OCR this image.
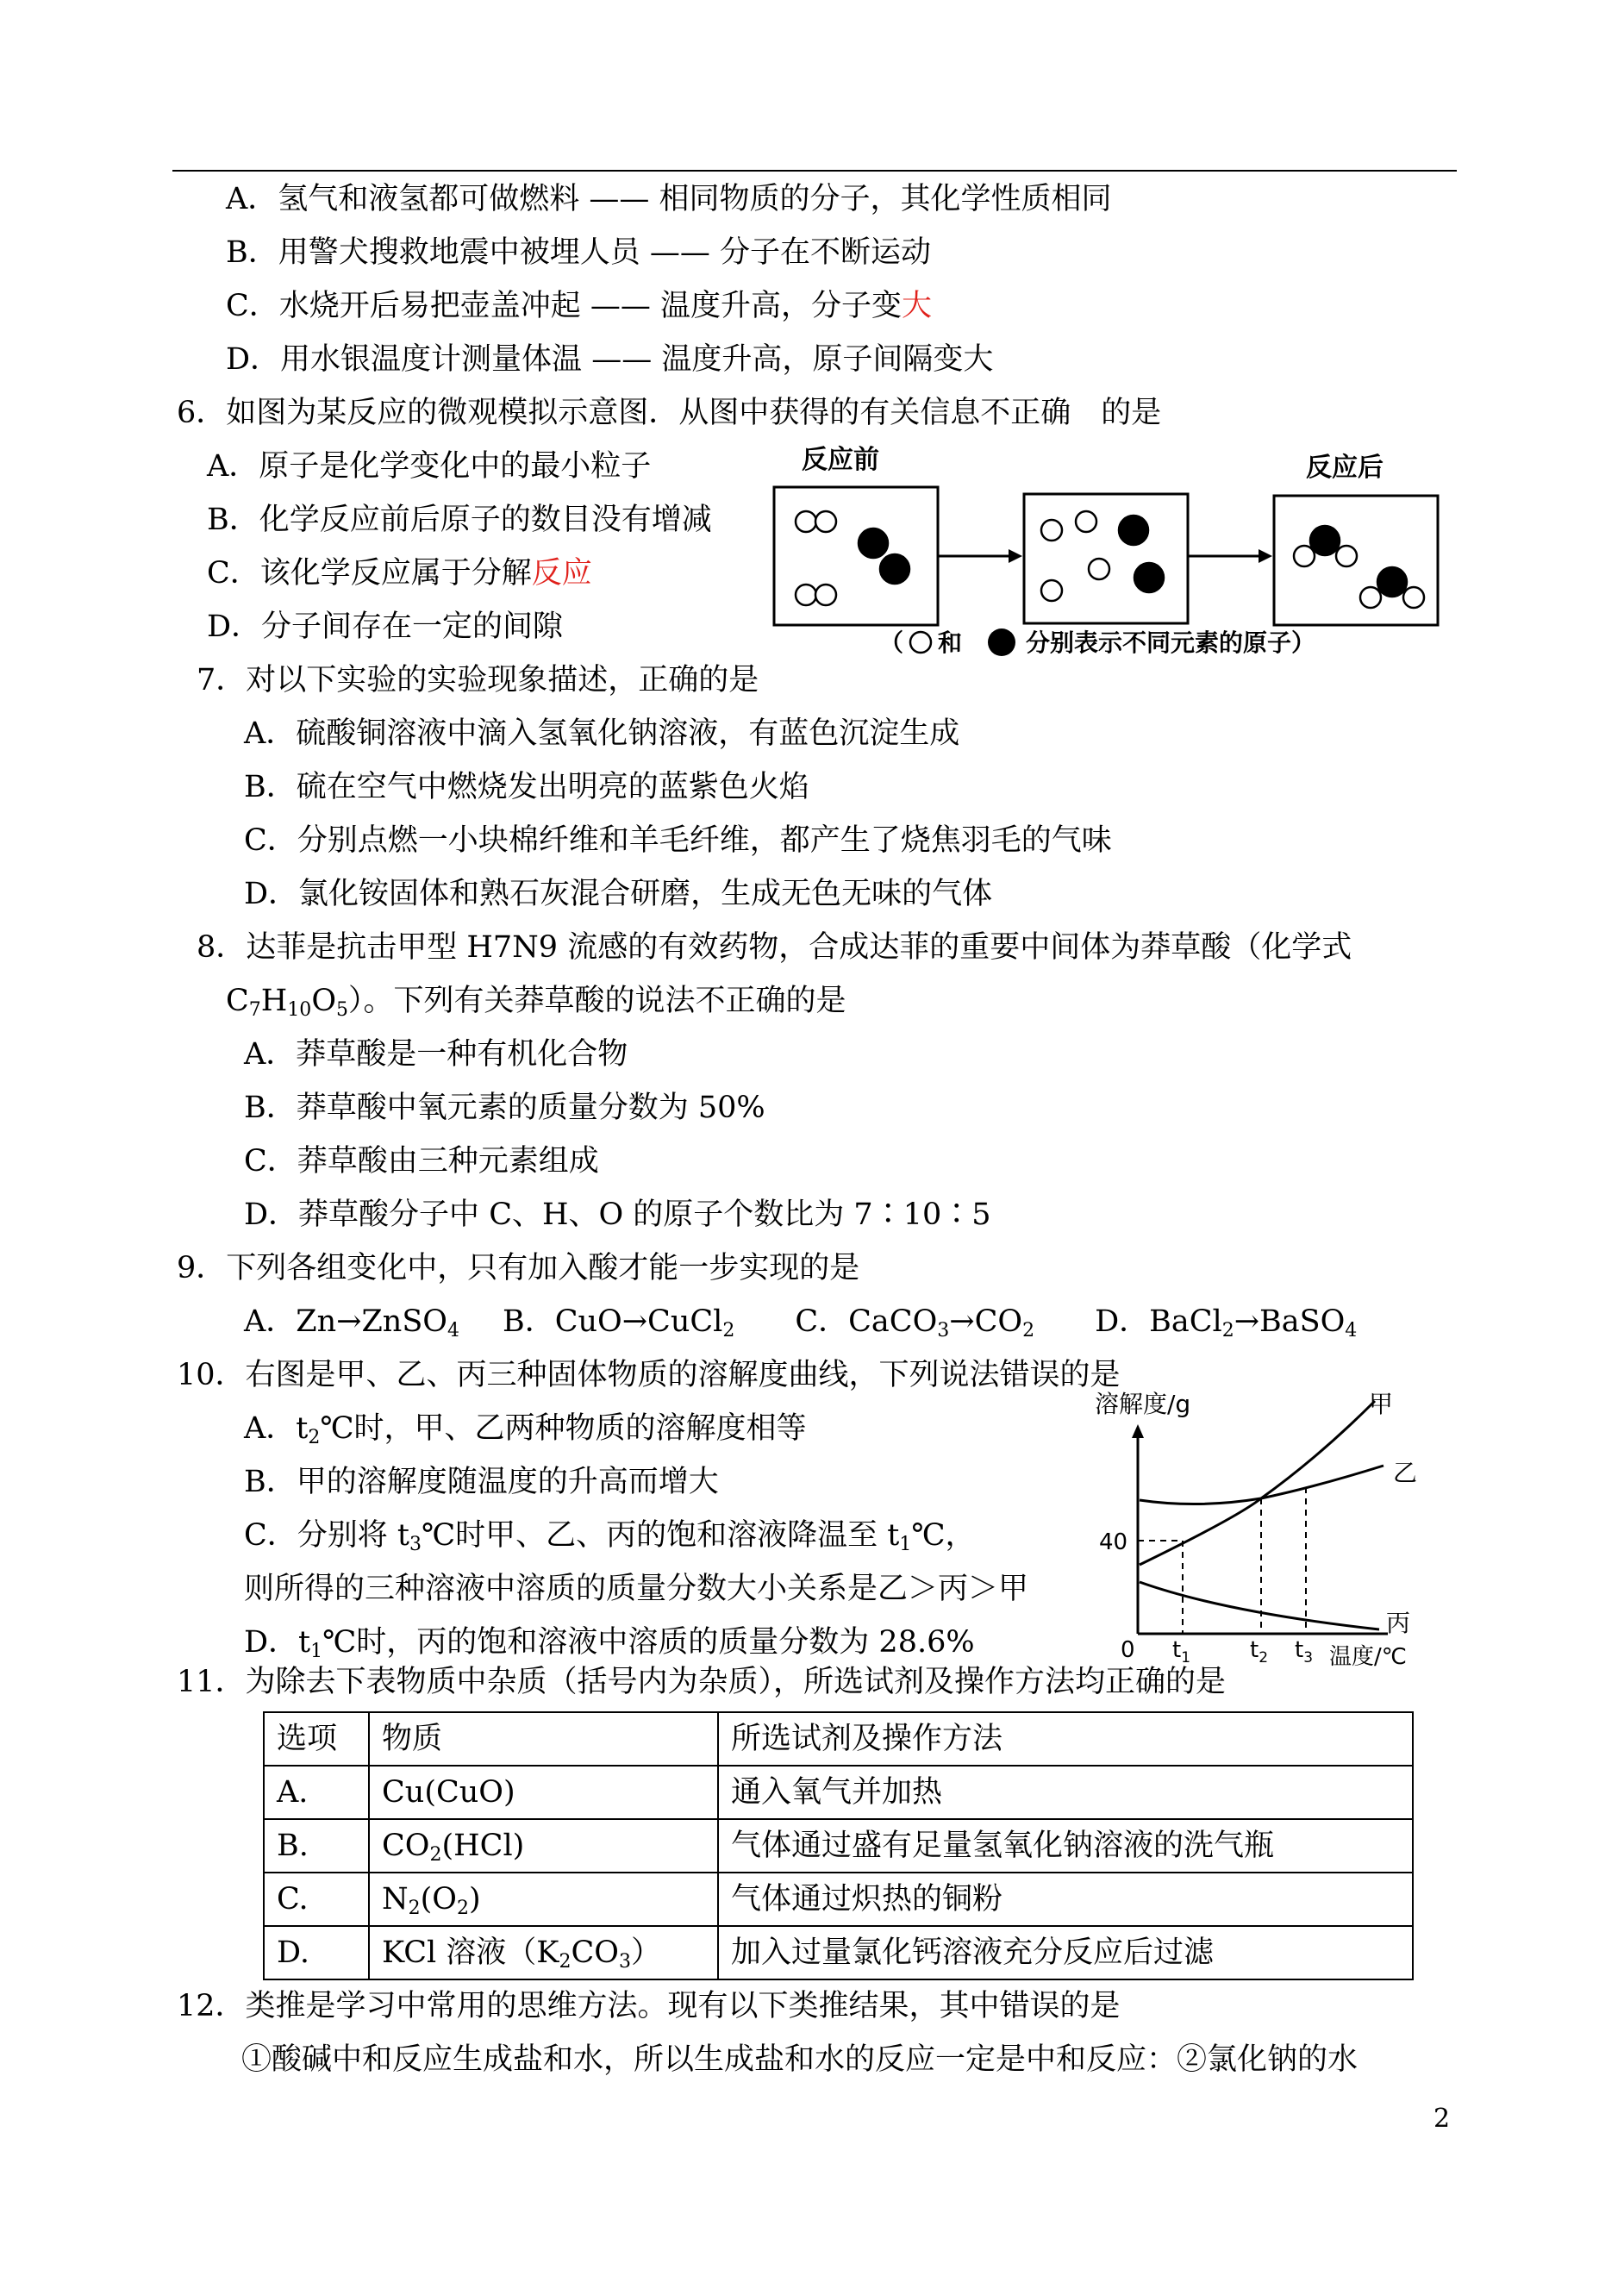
A．氢气和液氢都可做燃料 —— 相同物质的分子，其化学性质相同
B．用警犬搜救地震中被埋人员 —— 分子在不断运动
C．水烧开后易把壶盖冲起 —— 温度升高，分子变大
D．用水银温度计测量体温 —— 温度升高，原子间隔变大
6．如图为某反应的微观模拟示意图．从图中获得的有关信息不正确　的是
A．原子是化学变化中的最小粒子
B．化学反应前后原子的数目没有增减
C．该化学反应属于分解反应
D．分子间存在一定的间隙
反应前	反应后
（ 和	分别表示不同元素的原子）
7．对以下实验的实验现象描述，正确的是
A．硫酸铜溶液中滴入氢氧化钠溶液，有蓝色沉淀生成
B．硫在空气中燃烧发出明亮的蓝紫色火焰
C．分别点燃一小块棉纤维和羊毛纤维，都产生了烧焦羽毛的气味
D．氯化铵固体和熟石灰混合研磨，生成无色无味的气体
8．达菲是抗击甲型 H7N9 流感的有效药物，合成达菲的重要中间体为莽草酸（化学式
$C_7H_{10}O_5$）。下列有关莽草酸的说法不正确的是
A．莽草酸是一种有机化合物
B．莽草酸中氧元素的质量分数为 50%
C．莽草酸由三种元素组成
D．莽草酸分子中 C、H、O 的原子个数比为 7∶10∶5
9．下列各组变化中，只有加入酸才能一步实现的是
A．Zn→ZnSO$_4$ B．CuO→CuCl$_2$ C．$CaCO_3\to CO_2$ D．BaCl$_2$→BaSO$_4$
10．右图是甲、乙、丙三种固体物质的溶解度曲线，下列说法错误的是
A．$t_2℃$时，甲、乙两种物质的溶解度相等
B．甲的溶解度随温度的升高而增大
C．分别将 $t_3℃$时甲、乙、丙的饱和溶液降温至 $t_1℃$，
则所得的三种溶液中溶质的质量分数大小关系是乙＞丙＞甲
D．$t_1℃$时，丙的饱和溶液中溶质的质量分数为 28.6%
溶解度/g
0
40
甲
乙
丙
$t_1$	$t_2$ $t_3$ 温度/℃
11．为除去下表物质中杂质（括号内为杂质），所选试剂及操作方法均正确的是
选项	物质	所选试剂及操作方法
A.	Cu(CuO)	通入氧气并加热
B.	$CO_2(HCl)$	气体通过盛有足量氢氧化钠溶液的洗气瓶
C.	$N_2(O_2)$	气体通过炽热的铜粉
D.	KCl 溶液$(K_2CO_3)$	加入过量氯化钙溶液充分反应后过滤
12．类推是学习中常用的思维方法。现有以下类推结果，其中错误的是
①酸碱中和反应生成盐和水，所以生成盐和水的反应一定是中和反应：②氯化钠的水
2
